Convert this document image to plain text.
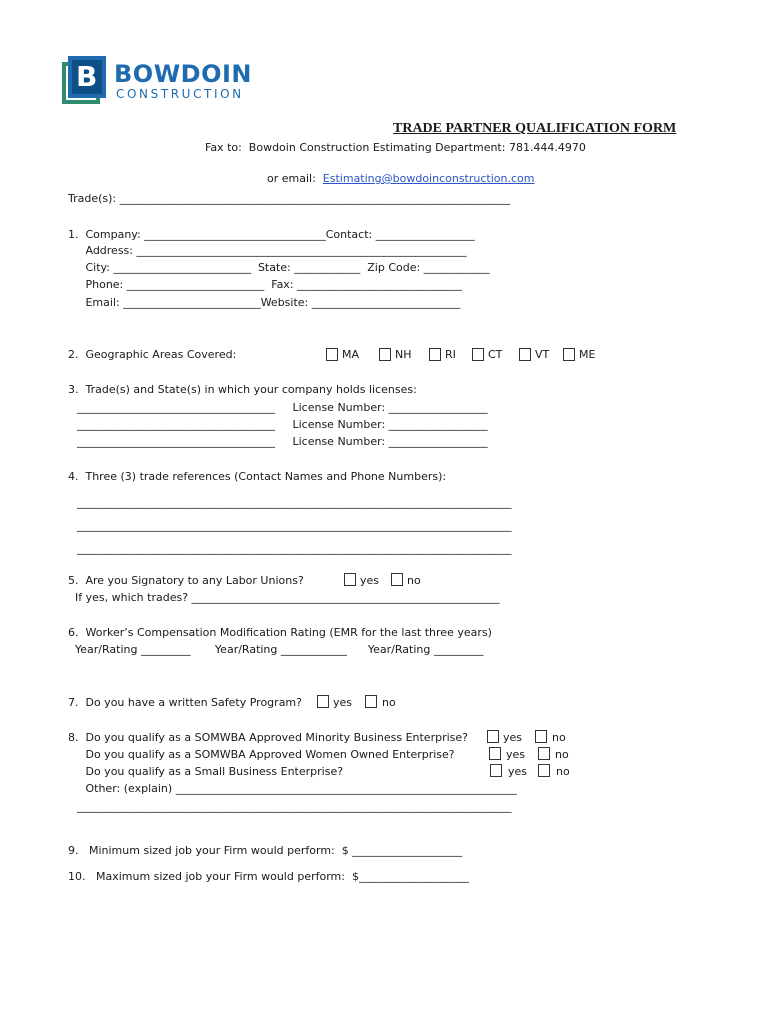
B BOWDOIN
CONSTRUCTION
TRADE PARTNER QUALIFICATION FORM
Fax to:  Bowdoin Construction Estimating Department: 781.444.4970

or email:  Estimating@bowdoinconstruction.com

Trade(s): _______________________________________________________________________
1.  Company: _________________________________Contact: __________________
Address: ____________________________________________________________
City: _________________________  State: ____________  Zip Code: ____________
Phone: _________________________  Fax: ______________________________
Email: _________________________Website: ___________________________
2.  Geographic Areas Covered:	MA	NH	RI	CT	VT	ME
3.  Trade(s) and State(s) in which your company holds licenses:
____________________________________     License Number: __________________
____________________________________     License Number: __________________
____________________________________     License Number: __________________
4.  Three (3) trade references (Contact Names and Phone Numbers):
_______________________________________________________________________________
_______________________________________________________________________________
_______________________________________________________________________________
5.  Are you Signatory to any Labor Unions?	yes	no
If yes, which trades? ________________________________________________________
6.  Worker’s Compensation Modification Rating (EMR for the last three years)
Year/Rating _________       Year/Rating ____________      Year/Rating _________
7.  Do you have a written Safety Program?	yes	no
8.  Do you qualify as a SOMWBA Approved Minority Business Enterprise?	yes	no
Do you qualify as a SOMWBA Approved Women Owned Enterprise?	yes	no
Do you qualify as a Small Business Enterprise?	yes	no
Other: (explain) ______________________________________________________________
_______________________________________________________________________________
9.   Minimum sized job your Firm would perform:  $ ____________________
10.   Maximum sized job your Firm would perform:  $____________________
